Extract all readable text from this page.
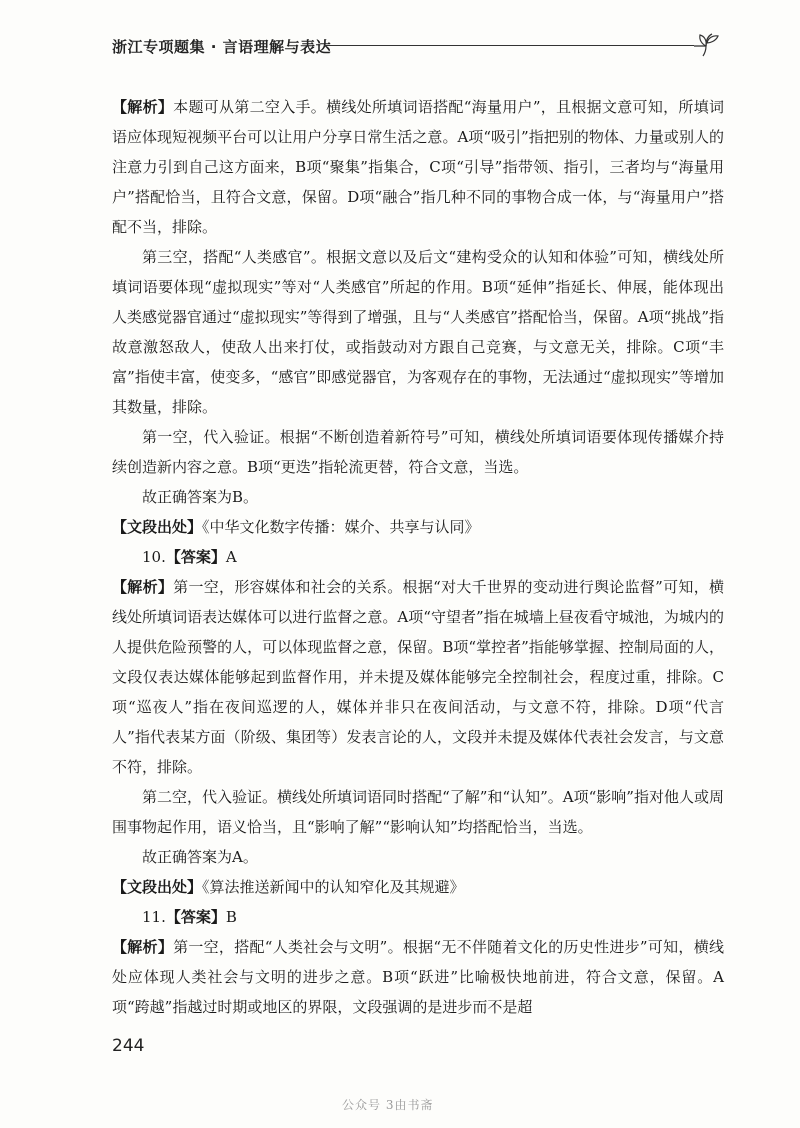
浙江专项题集 · 言语理解与表达

【解析】本题可从第二空入手。横线处所填词语搭配“海量用户”，且根据文意可知，所填词语应体现短视频平台可以让用户分享日常生活之意。A项“吸引”指把别的物体、力量或别人的注意力引到自己这方面来，B项“聚集”指集合，C项“引导”指带领、指引，三者均与“海量用户”搭配恰当，且符合文意，保留。D项“融合”指几种不同的事物合成一体，与“海量用户”搭配不当，排除。

第三空，搭配“人类感官”。根据文意以及后文“建构受众的认知和体验”可知，横线处所填词语要体现“虚拟现实”等对“人类感官”所起的作用。B项“延伸”指延长、伸展，能体现出人类感觉器官通过“虚拟现实”等得到了增强，且与“人类感官”搭配恰当，保留。A项“挑战”指故意激怒敌人，使敌人出来打仗，或指鼓动对方跟自己竞赛，与文意无关，排除。C项“丰富”指使丰富，使变多，“感官”即感觉器官，为客观存在的事物，无法通过“虚拟现实”等增加其数量，排除。

第一空，代入验证。根据“不断创造着新符号”可知，横线处所填词语要体现传播媒介持续创造新内容之意。B项“更迭”指轮流更替，符合文意，当选。

故正确答案为B。

【文段出处】《中华文化数字传播：媒介、共享与认同》

10.【答案】A

【解析】第一空，形容媒体和社会的关系。根据“对大千世界的变动进行舆论监督”可知，横线处所填词语表达媒体可以进行监督之意。A项“守望者”指在城墙上昼夜看守城池，为城内的人提供危险预警的人，可以体现监督之意，保留。B项“掌控者”指能够掌握、控制局面的人，文段仅表达媒体能够起到监督作用，并未提及媒体能够完全控制社会，程度过重，排除。C项“巡夜人”指在夜间巡逻的人，媒体并非只在夜间活动，与文意不符，排除。D项“代言人”指代表某方面（阶级、集团等）发表言论的人，文段并未提及媒体代表社会发言，与文意不符，排除。

第二空，代入验证。横线处所填词语同时搭配“了解”和“认知”。A项“影响”指对他人或周围事物起作用，语义恰当，且“影响了解”“影响认知”均搭配恰当，当选。

故正确答案为A。

【文段出处】《算法推送新闻中的认知窄化及其规避》

11.【答案】B

【解析】第一空，搭配“人类社会与文明”。根据“无不伴随着文化的历史性进步”可知，横线处应体现人类社会与文明的进步之意。B项“跃进”比喻极快地前进，符合文意，保留。A项“跨越”指越过时期或地区的界限，文段强调的是进步而不是超

244
公众号 3由书斋
